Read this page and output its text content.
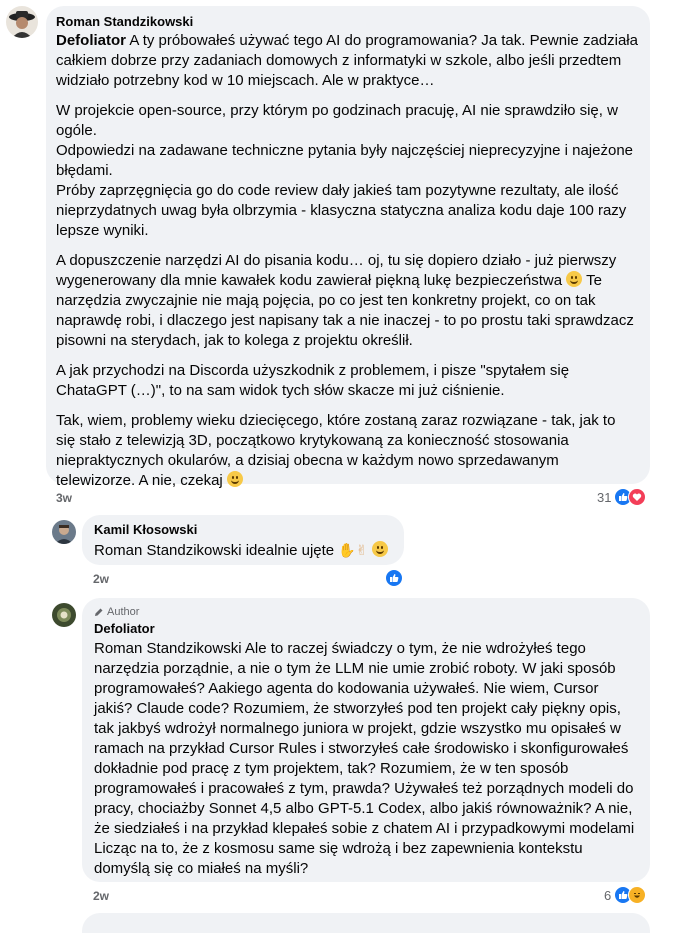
Roman Standzikowski

Defoliator A ty próbowałeś używać tego AI do programowania? Ja tak. Pewnie zadziała całkiem dobrze przy zadaniach domowych z informatyki w szkole, albo jeśli przedtem widziało potrzebny kod w 10 miejscach. Ale w praktyce…

W projekcie open-source, przy którym po godzinach pracuję, AI nie sprawdziło się, w ogóle.

Odpowiedzi na zadawane techniczne pytania były najczęściej nieprecyzyjne i najeżone błędami.

Próby zaprzęgnięcia go do code review dały jakieś tam pozytywne rezultaty, ale ilość nieprzydatnych uwag była olbrzymia - klasyczna statyczna analiza kodu daje 100 razy lepsze wyniki.

A dopuszczenie narzędzi AI do pisania kodu… oj, tu się dopiero działo - już pierwszy wygenerowany dla mnie kawałek kodu zawierał piękną lukę bezpieczeństwa
Te narzędzia zwyczajnie nie mają pojęcia, po co jest ten konkretny projekt, co on tak naprawdę robi, i dlaczego jest napisany tak a nie inaczej - to po prostu taki sprawdzacz pisowni na sterydach, jak to kolega z projektu określił.

A jak przychodzi na Discorda użyszkodnik z problemem, i pisze "spytałem się ChataGPT (…)", to na sam widok tych słów skacze mi już ciśnienie.

Tak, wiem, problemy wieku dziecięcego, które zostaną zaraz rozwiązane - tak, jak to się stało z telewizją 3D, początkowo krytykowaną za konieczność stosowania niepraktycznych okularów, a dzisiaj obecna w każdym nowo sprzedawanym telewizorze. A nie, czekaj

3w	31
Kamil Kłosowski
Roman Standzikowski idealnie ujęte ✋✌
2w
Author
Defoliator
Roman Standzikowski Ale to raczej świadczy o tym, że nie wdrożyłeś tego narzędzia porządnie, a nie o tym że LLM nie umie zrobić roboty. W jaki sposób programowałeś? Aakiego agenta do kodowania używałeś. Nie wiem, Cursor jakiś? Claude code? Rozumiem, że stworzyłeś pod ten projekt cały piękny opis, tak jakbyś wdrożył normalnego juniora w projekt, gdzie wszystko mu opisałeś w ramach na przykład Cursor Rules i stworzyłeś całe środowisko i skonfigurowałeś dokładnie pod pracę z tym projektem, tak? Rozumiem, że w ten sposób programowałeś i pracowałeś z tym, prawda? Używałeś też porządnych modeli do pracy, chociażby Sonnet 4,5 albo GPT-5.1 Codex, albo jakiś równoważnik? A nie, że siedziałeś i na przykład klepałeś sobie z chatem AI i przypadkowymi modelami Licząc na to, że z kosmosu same się wdrożą i bez zapewnienia kontekstu domyślą się co miałeś na myśli?
2w	6
